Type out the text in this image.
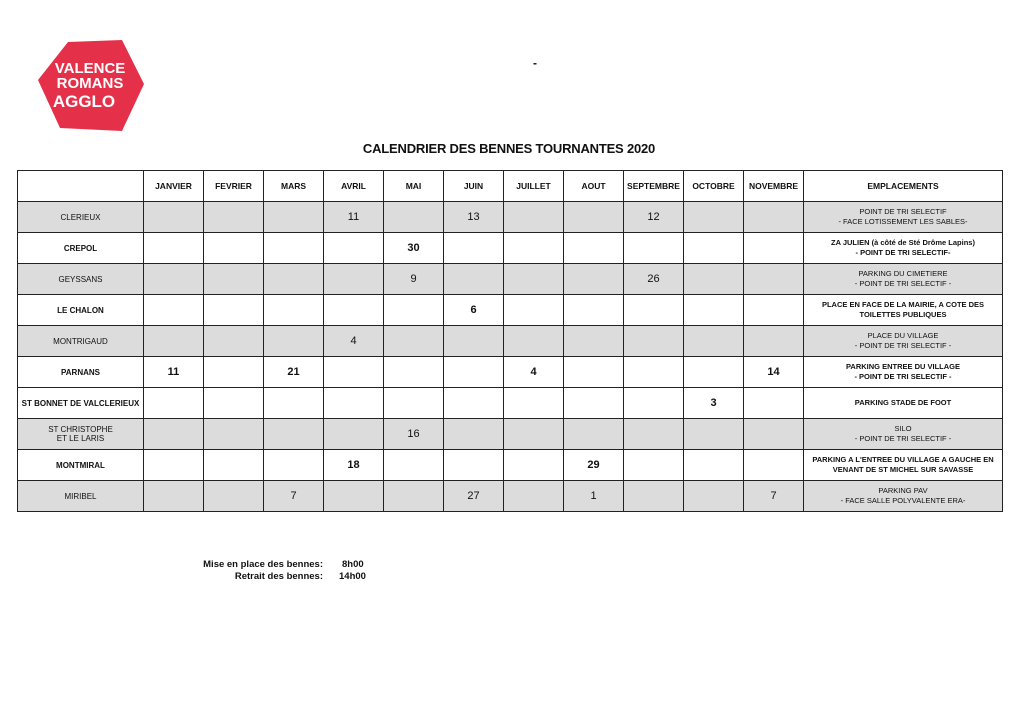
VALENCE
ROMANS
AGGLO
-
CALENDRIER DES BENNES TOURNANTES 2020
	JANVIER	FEVRIER	MARS	AVRIL	MAI	JUIN	JUILLET	AOUT	SEPTEMBRE	OCTOBRE	NOVEMBRE	EMPLACEMENTS

CLERIEUX				11		13			12			POINT DE TRI SELECTIF
- FACE LOTISSEMENT LES SABLES-

CREPOL					30							ZA JULIEN (à côté de Sté Drôme Lapins)
- POINT DE TRI SELECTIF-

GEYSSANS					9				26			PARKING DU CIMETIERE
- POINT DE TRI SELECTIF -

LE CHALON						6						PLACE EN FACE DE LA MAIRIE, A COTE DES
TOILETTES PUBLIQUES

MONTRIGAUD				4								PLACE DU VILLAGE
- POINT DE TRI SELECTIF -

PARNANS	11		21				4				14	PARKING ENTREE DU VILLAGE
- POINT DE TRI SELECTIF -

ST BONNET DE VALCLERIEUX										3		PARKING STADE DE FOOT

ST CHRISTOPHE
ET LE LARIS					16							SILO
- POINT DE TRI SELECTIF -

MONTMIRAL				18				29				PARKING A L'ENTREE DU VILLAGE A GAUCHE EN
VENANT DE ST MICHEL SUR SAVASSE

MIRIBEL			7			27		1			7	PARKING PAV
- FACE SALLE POLYVALENTE ERA-
Mise en place des bennes: 8h00
Retrait des bennes: 14h00
